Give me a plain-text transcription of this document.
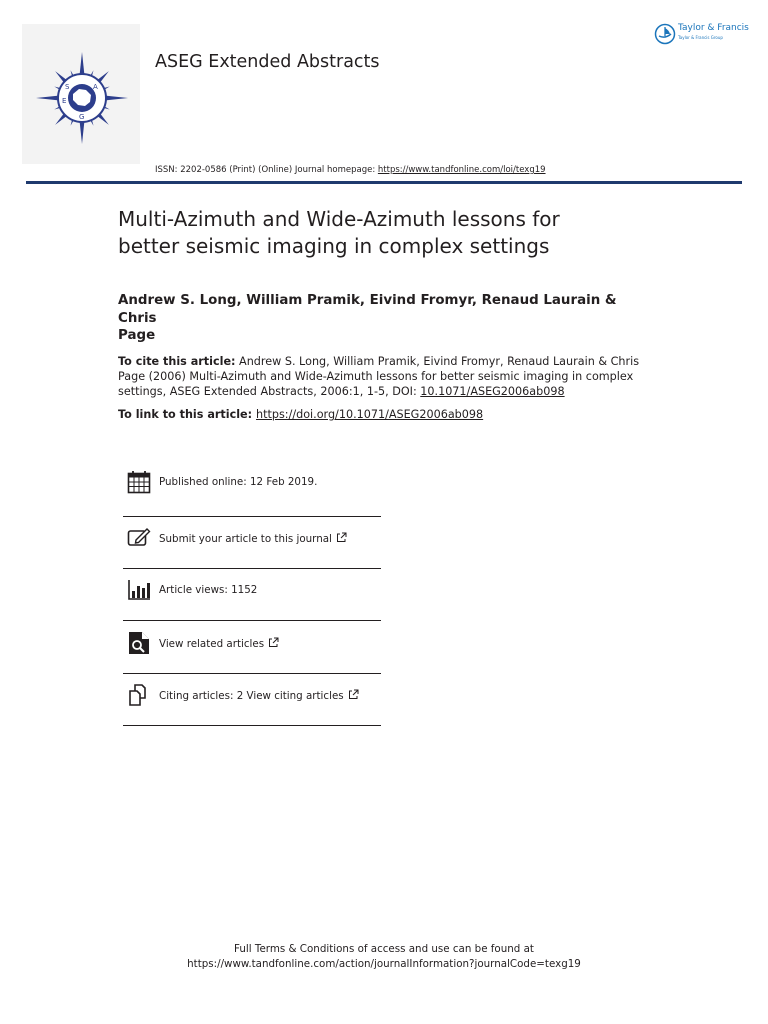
S	A
E
G
ASEG Extended Abstracts
Taylor & Francis
Taylor & Francis Group
ISSN: 2202-0586 (Print) (Online) Journal homepage: https://www.tandfonline.com/loi/texg19
Multi-Azimuth and Wide-Azimuth lessons for
better seismic imaging in complex settings
Andrew S. Long, William Pramik, Eivind Fromyr, Renaud Laurain & Chris
Page
To cite this article: Andrew S. Long, William Pramik, Eivind Fromyr, Renaud Laurain & Chris Page (2006) Multi-Azimuth and Wide-Azimuth lessons for better seismic imaging in complex settings, ASEG Extended Abstracts, 2006:1, 1-5, DOI: 10.1071/ASEG2006ab098
To link to this article: https://doi.org/10.1071/ASEG2006ab098
Published online: 12 Feb 2019.
Submit your article to this journal
Article views: 1152
View related articles
Citing articles: 2 View citing articles
Full Terms & Conditions of access and use can be found at
https://www.tandfonline.com/action/journalInformation?journalCode=texg19
